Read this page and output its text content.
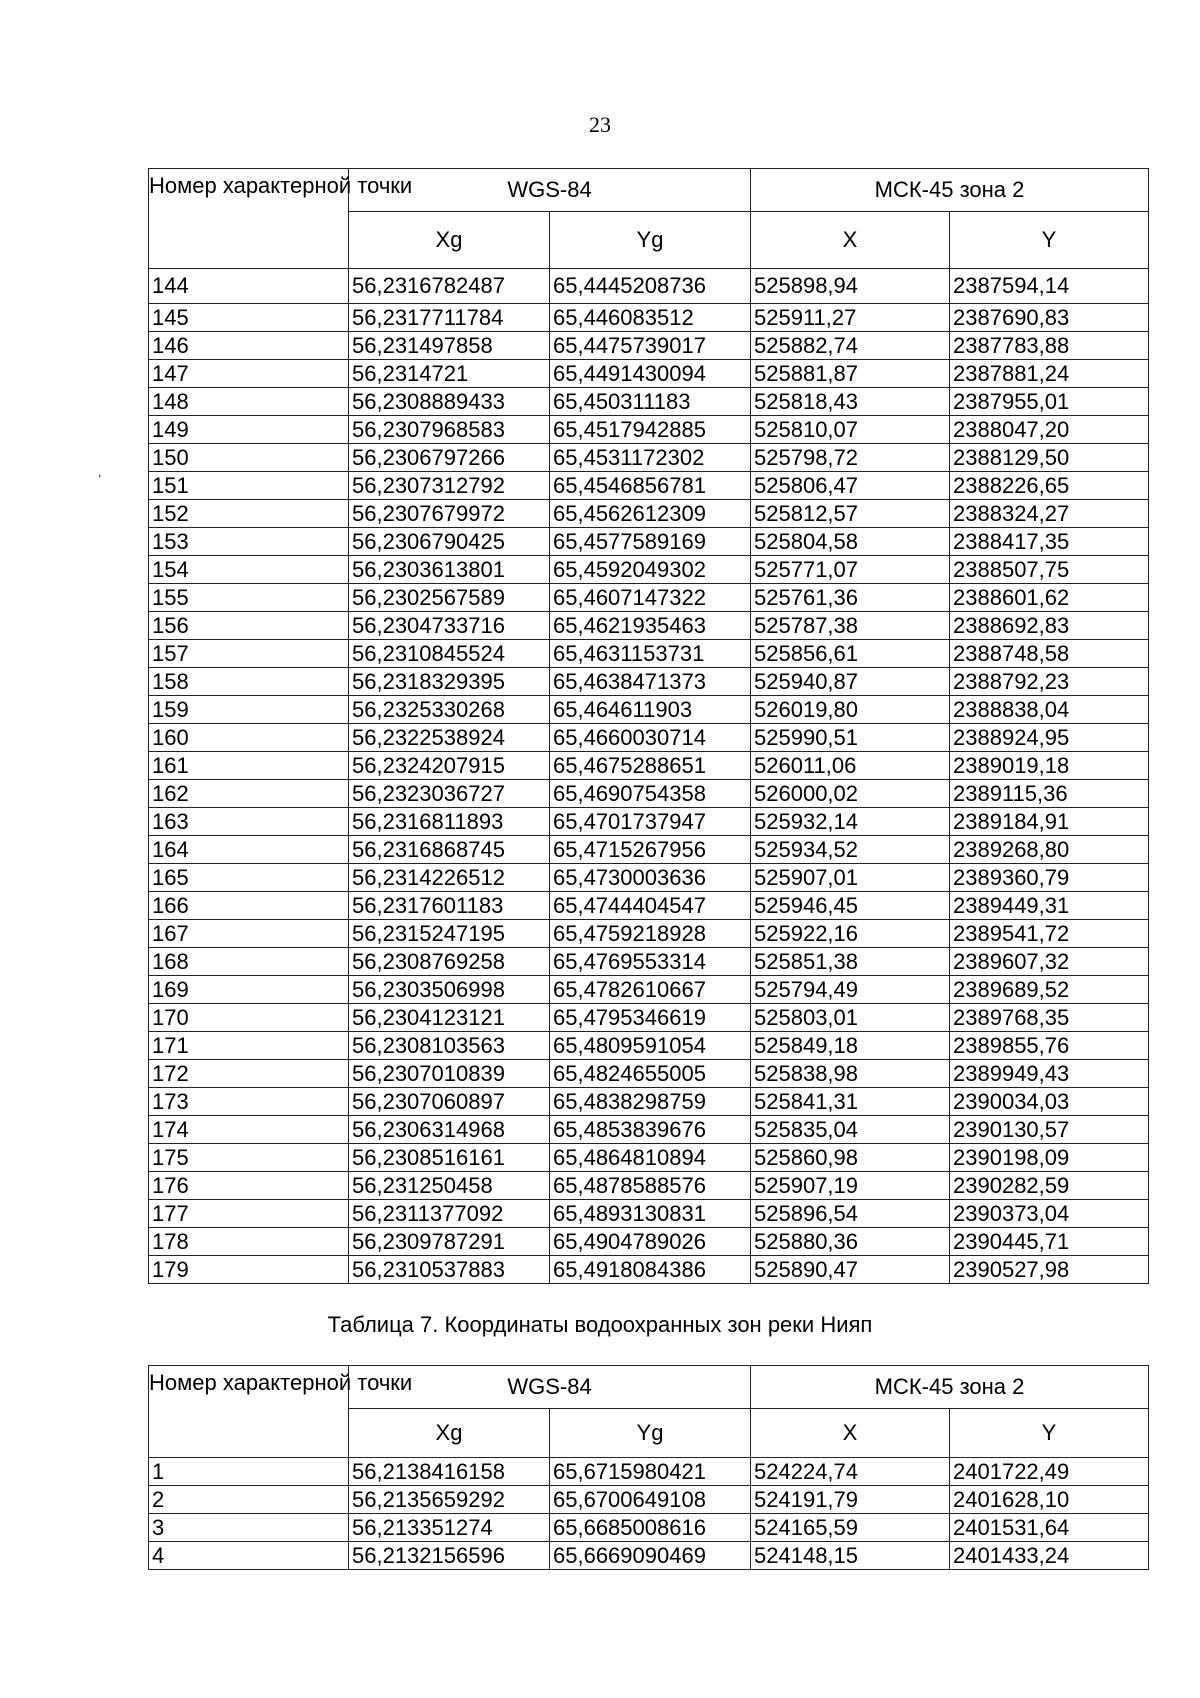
23
,
Номер характерной точки	WGS-84		МСК-45 зона 2	
	Xg	Yg	X	Y
144	56,2316782487	65,4445208736	525898,94	2387594,14
145	56,2317711784	65,446083512	525911,27	2387690,83
146	56,231497858	65,4475739017	525882,74	2387783,88
147	56,2314721	65,4491430094	525881,87	2387881,24
148	56,2308889433	65,450311183	525818,43	2387955,01
149	56,2307968583	65,4517942885	525810,07	2388047,20
150	56,2306797266	65,4531172302	525798,72	2388129,50
151	56,2307312792	65,4546856781	525806,47	2388226,65
152	56,2307679972	65,4562612309	525812,57	2388324,27
153	56,2306790425	65,4577589169	525804,58	2388417,35
154	56,2303613801	65,4592049302	525771,07	2388507,75
155	56,2302567589	65,4607147322	525761,36	2388601,62
156	56,2304733716	65,4621935463	525787,38	2388692,83
157	56,2310845524	65,4631153731	525856,61	2388748,58
158	56,2318329395	65,4638471373	525940,87	2388792,23
159	56,2325330268	65,464611903	526019,80	2388838,04
160	56,2322538924	65,4660030714	525990,51	2388924,95
161	56,2324207915	65,4675288651	526011,06	2389019,18
162	56,2323036727	65,4690754358	526000,02	2389115,36
163	56,2316811893	65,4701737947	525932,14	2389184,91
164	56,2316868745	65,4715267956	525934,52	2389268,80
165	56,2314226512	65,4730003636	525907,01	2389360,79
166	56,2317601183	65,4744404547	525946,45	2389449,31
167	56,2315247195	65,4759218928	525922,16	2389541,72
168	56,2308769258	65,4769553314	525851,38	2389607,32
169	56,2303506998	65,4782610667	525794,49	2389689,52
170	56,2304123121	65,4795346619	525803,01	2389768,35
171	56,2308103563	65,4809591054	525849,18	2389855,76
172	56,2307010839	65,4824655005	525838,98	2389949,43
173	56,2307060897	65,4838298759	525841,31	2390034,03
174	56,2306314968	65,4853839676	525835,04	2390130,57
175	56,2308516161	65,4864810894	525860,98	2390198,09
176	56,231250458	65,4878588576	525907,19	2390282,59
177	56,2311377092	65,4893130831	525896,54	2390373,04
178	56,2309787291	65,4904789026	525880,36	2390445,71
179	56,2310537883	65,4918084386	525890,47	2390527,98
Таблица 7. Координаты водоохранных зон реки Нияп
Номер характерной точки	WGS-84		МСК-45 зона 2	
	Xg	Yg	X	Y
1	56,2138416158	65,6715980421	524224,74	2401722,49
2	56,2135659292	65,6700649108	524191,79	2401628,10
3	56,213351274	65,6685008616	524165,59	2401531,64
4	56,2132156596	65,6669090469	524148,15	2401433,24
